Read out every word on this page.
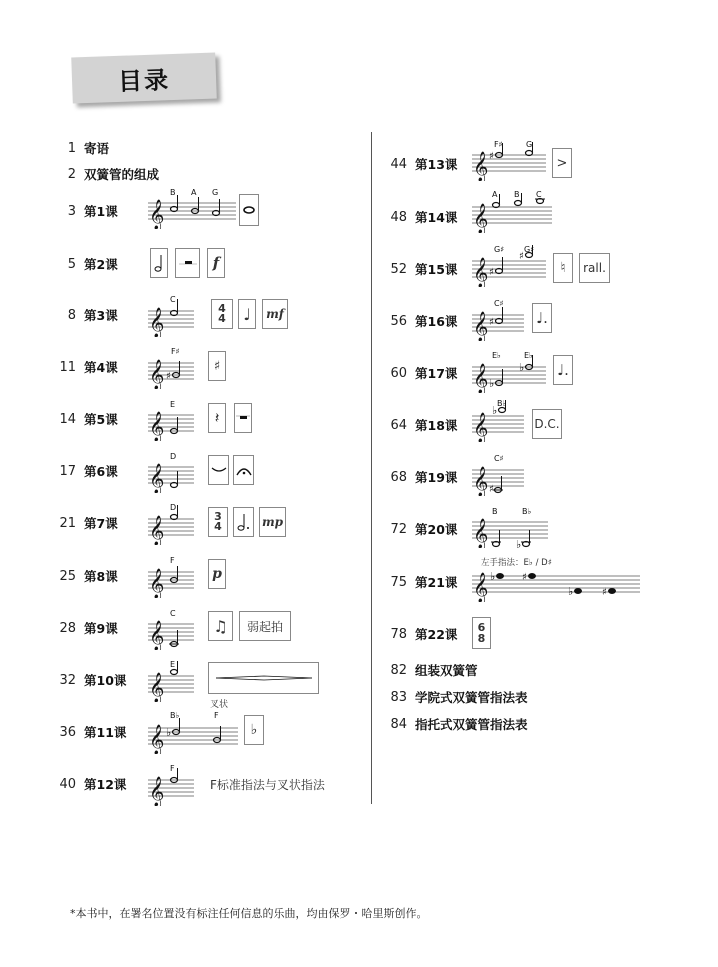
目录
1 寄语
2 双簧管的组成
3 第1课 𝄞
B A G
5 第2课	f
8 第3课 𝄞
C
4
4	♩	mf
11 第4课 𝄞 ♯
F♯
♯
14 第5课 𝄞
E
𝄽
17 第6课 𝄞
D
21 第7课 𝄞
D
3
4	mp
25 第8课 𝄞
F
p
28 第9课 𝄞
C
♫	弱起拍
32 第10课 𝄞
E
叉状
36 第11课 𝄞 ♭
B♭	F
♭
40 第12课 𝄞
F
F标准指法与叉状指法
44 第13课 𝄞 ♯
F♯	G
>
48 第14课 𝄞
A B C
52 第15课 𝄞 ♯
♯
G♯ G♯
♮	rall.
56 第16课 𝄞 ♯
C♯
♩.
60 第17课 𝄞 ♭
♭
E♭	E♭
♩.
64 第18课 𝄞
♭
B♭
D.C.
68 第19课 𝄞 ♯
C♯
72 第20课 𝄞	♭
B	B♭
左手指法：E♭ / D♯
75 第21课 𝄞 ♭	♯
♭	♯
78 第22课 6
8
82 组装双簧管
83 学院式双簧管指法表
84 指托式双簧管指法表
*本书中，在署名位置没有标注任何信息的乐曲，均由保罗・哈里斯创作。
